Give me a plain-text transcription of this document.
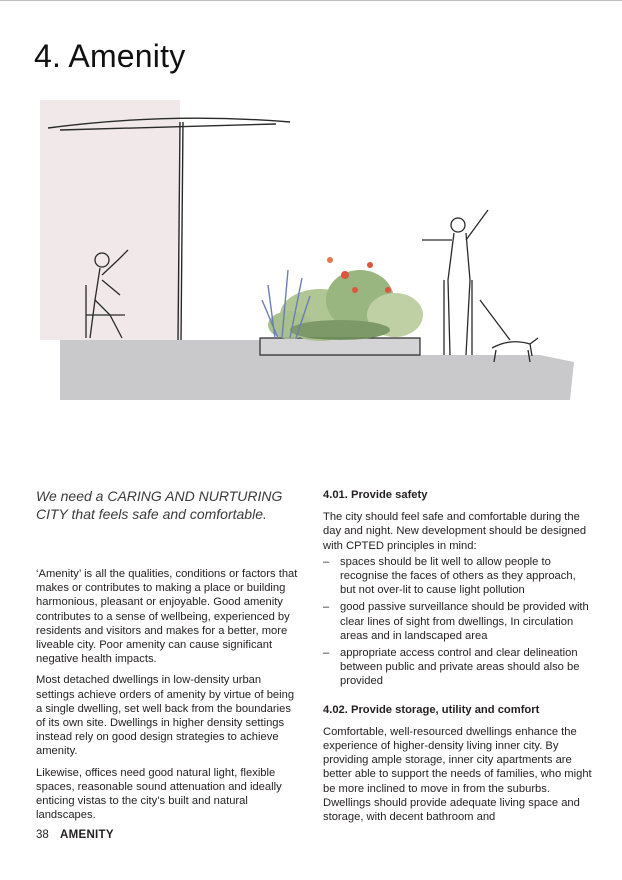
4. Amenity

We need a CARING AND NURTURING CITY that feels safe and comfortable.

‘Amenity’ is all the qualities, conditions or factors that makes or contributes to making a place or building harmonious, pleasant or enjoyable. Good amenity contributes to a sense of wellbeing, experienced by residents and visitors and makes for a better, more liveable city. Poor amenity can cause significant negative health impacts.

Most detached dwellings in low-density urban settings achieve orders of amenity by virtue of being a single dwelling, set well back from the boundaries of its own site. Dwellings in higher density settings instead rely on good design strategies to achieve amenity.

Likewise, offices need good natural light, flexible spaces, reasonable sound attenuation and ideally enticing vistas to the city’s built and natural landscapes.

4.01. Provide safety

The city should feel safe and comfortable during the day and night. New development should be designed with CPTED principles in mind:

– spaces should be lit well to allow people to recognise the faces of others as they approach, but not over-lit to cause light pollution
– good passive surveillance should be provided with clear lines of sight from dwellings, In circulation areas and in landscaped area
– appropriate access control and clear delineation between public and private areas should also be provided
4.02. Provide storage, utility and comfort

Comfortable, well-resourced dwellings enhance the experience of higher-density living inner city. By providing ample storage, inner city apartments are better able to support the needs of families, who might be more inclined to move in from the suburbs. Dwellings should provide adequate living space and storage, with decent bathroom and

38 AMENITY
